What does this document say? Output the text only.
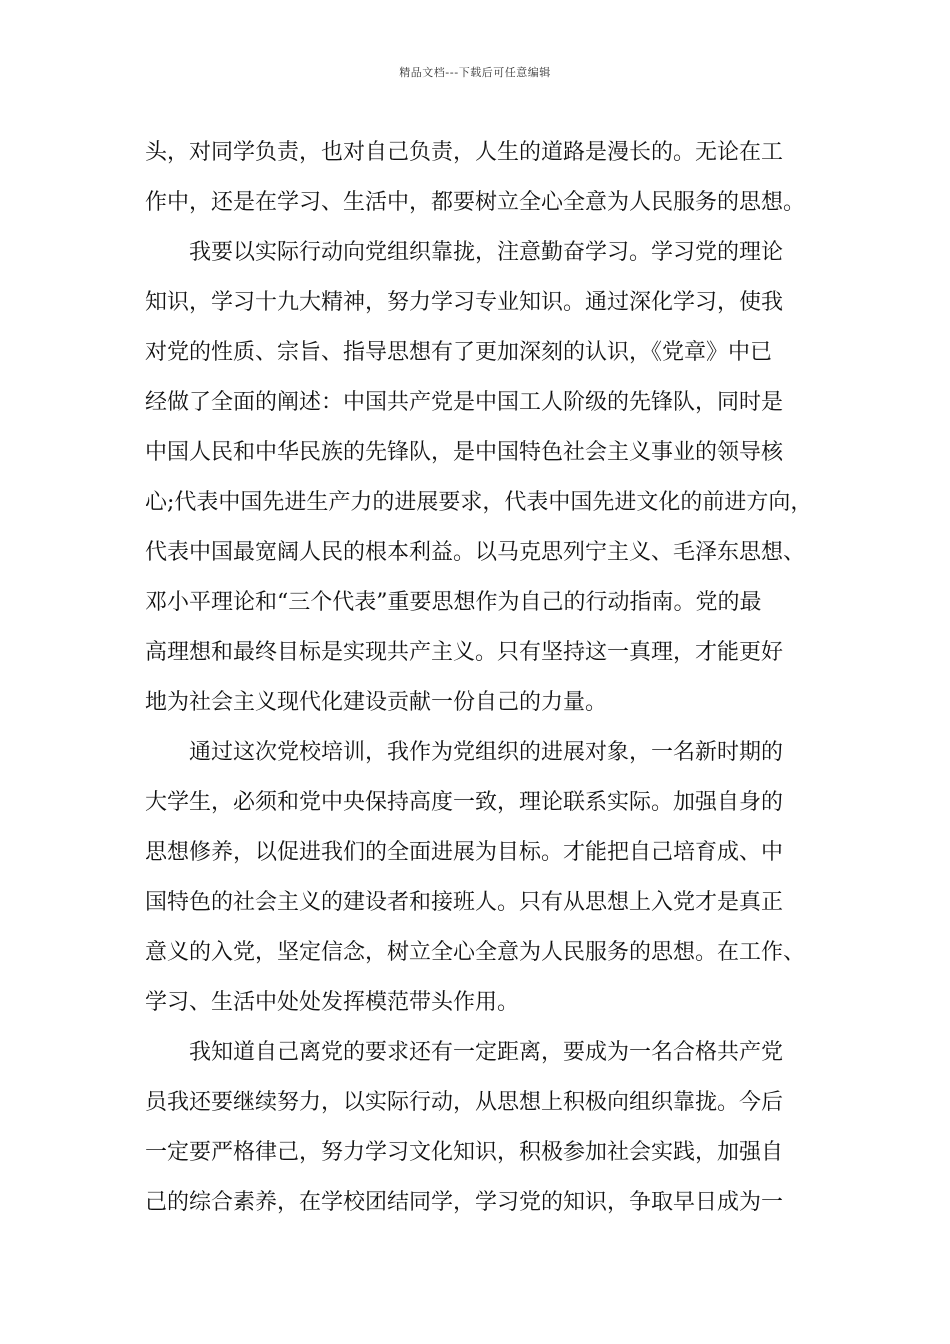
精品文档---下载后可任意编辑
头，对同学负责，也对自己负责，人生的道路是漫长的。无论在工
作中，还是在学习、生活中，都要树立全心全意为人民服务的思想。
　　我要以实际行动向党组织靠拢，注意勤奋学习。学习党的理论
知识，学习十九大精神，努力学习专业知识。通过深化学习，使我
对党的性质、宗旨、指导思想有了更加深刻的认识，《党章》中已
经做了全面的阐述：中国共产党是中国工人阶级的先锋队，同时是
中国人民和中华民族的先锋队，是中国特色社会主义事业的领导核
心;代表中国先进生产力的进展要求，代表中国先进文化的前进方向，
代表中国最宽阔人民的根本利益。以马克思列宁主义、毛泽东思想、
邓小平理论和“三个代表”重要思想作为自己的行动指南。党的最
高理想和最终目标是实现共产主义。只有坚持这一真理，才能更好
地为社会主义现代化建设贡献一份自己的力量。
　　通过这次党校培训，我作为党组织的进展对象，一名新时期的
大学生，必须和党中央保持高度一致，理论联系实际。加强自身的
思想修养，以促进我们的全面进展为目标。才能把自己培育成、中
国特色的社会主义的建设者和接班人。只有从思想上入党才是真正
意义的入党，坚定信念，树立全心全意为人民服务的思想。在工作、
学习、生活中处处发挥模范带头作用。
　　我知道自己离党的要求还有一定距离，要成为一名合格共产党
员我还要继续努力，以实际行动，从思想上积极向组织靠拢。今后
一定要严格律己，努力学习文化知识，积极参加社会实践，加强自
己的综合素养，在学校团结同学，学习党的知识，争取早日成为一
